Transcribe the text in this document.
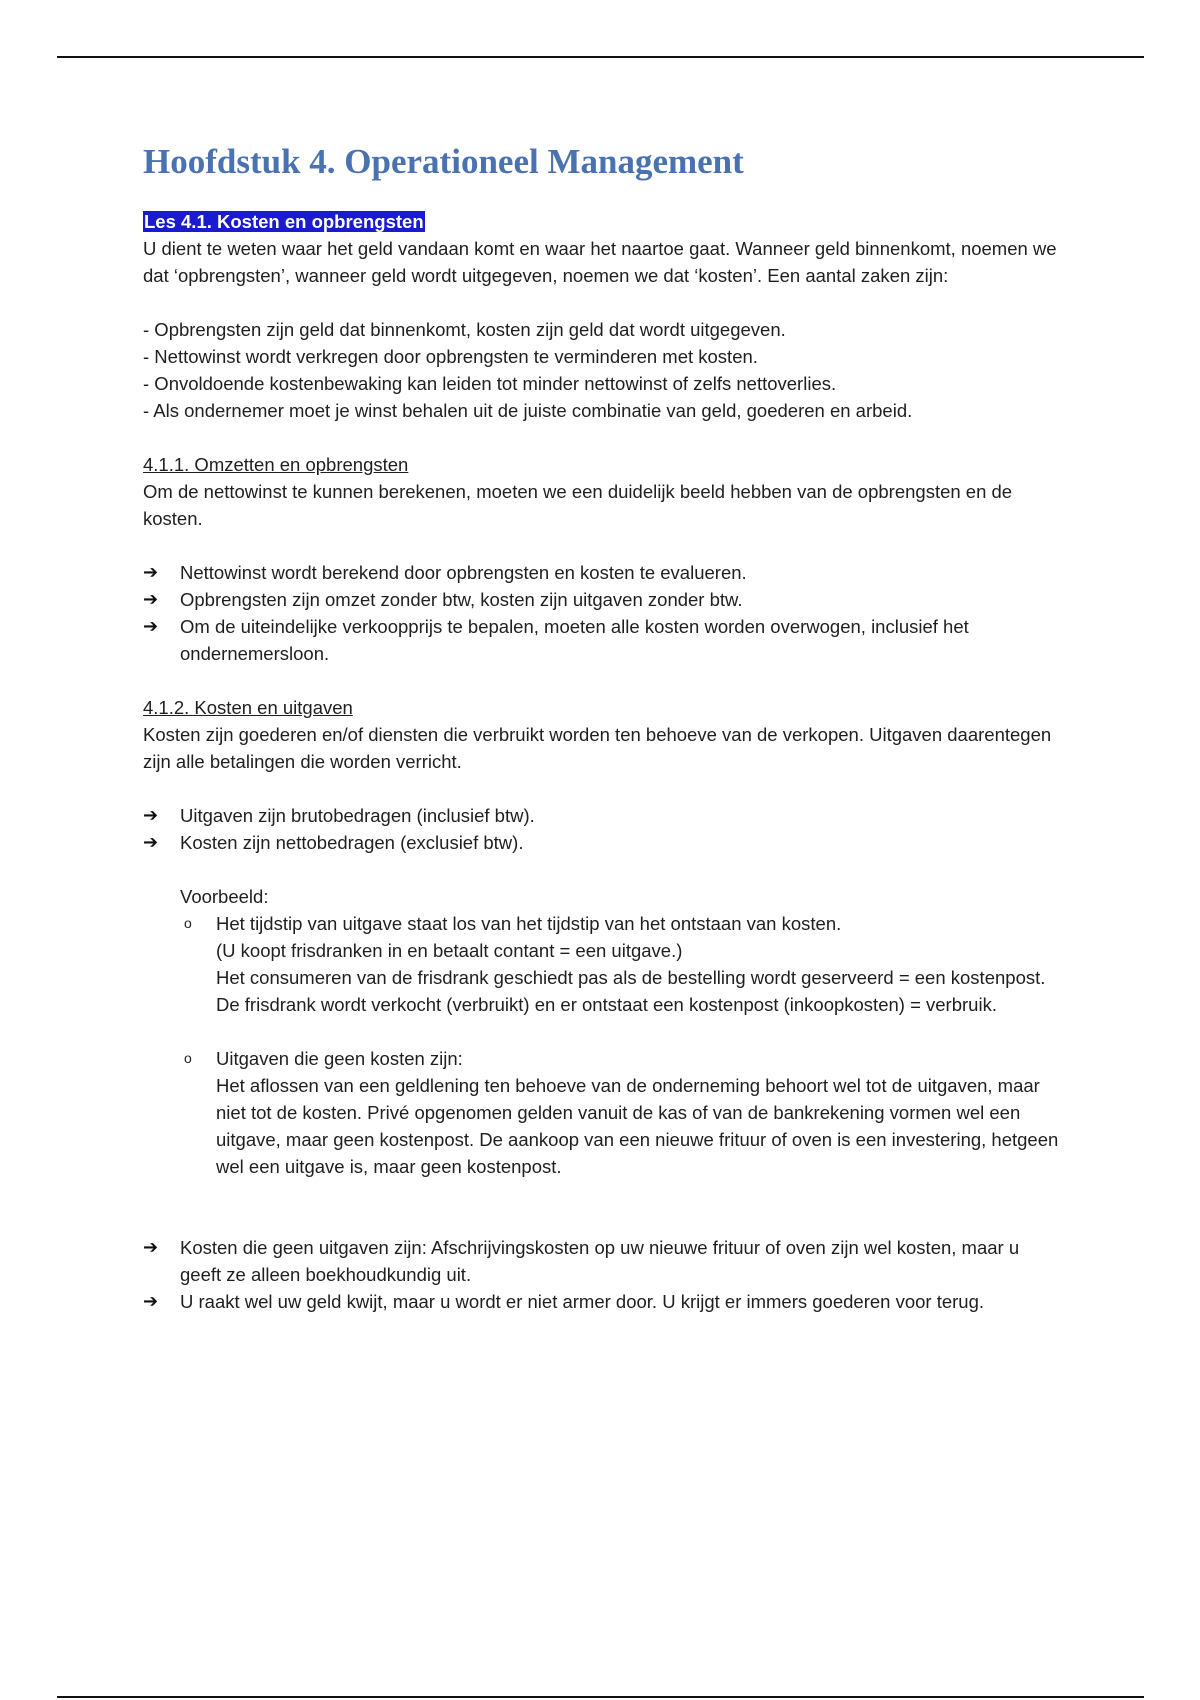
Hoofdstuk 4. Operationeel Management

Les 4.1. Kosten en opbrengsten

U dient te weten waar het geld vandaan komt en waar het naartoe gaat. Wanneer geld binnenkomt, noemen we dat ‘opbrengsten’, wanneer geld wordt uitgegeven, noemen we dat ‘kosten’. Een aantal zaken zijn:

- Opbrengsten zijn geld dat binnenkomt, kosten zijn geld dat wordt uitgegeven.
- Nettowinst wordt verkregen door opbrengsten te verminderen met kosten.
- Onvoldoende kostenbewaking kan leiden tot minder nettowinst of zelfs nettoverlies.
- Als ondernemer moet je winst behalen uit de juiste combinatie van geld, goederen en arbeid.

4.1.1. Omzetten en opbrengsten

Om de nettowinst te kunnen berekenen, moeten we een duidelijk beeld hebben van de opbrengsten en de kosten.

➔ Nettowinst wordt berekend door opbrengsten en kosten te evalueren.
➔ Opbrengsten zijn omzet zonder btw, kosten zijn uitgaven zonder btw.
➔ Om de uiteindelijke verkoopprijs te bepalen, moeten alle kosten worden overwogen, inclusief het ondernemersloon.

4.1.2. Kosten en uitgaven

Kosten zijn goederen en/of diensten die verbruikt worden ten behoeve van de verkopen. Uitgaven daarentegen zijn alle betalingen die worden verricht.

➔ Uitgaven zijn brutobedragen (inclusief btw).
➔ Kosten zijn nettobedragen (exclusief btw).

Voorbeeld:

o Het tijdstip van uitgave staat los van het tijdstip van het ontstaan van kosten.
(U koopt frisdranken in en betaalt contant = een uitgave.)
Het consumeren van de frisdrank geschiedt pas als de bestelling wordt geserveerd = een kostenpost. De frisdrank wordt verkocht (verbruikt) en er ontstaat een kostenpost (inkoopkosten) = verbruik.
o Uitgaven die geen kosten zijn:
Het aflossen van een geldlening ten behoeve van de onderneming behoort wel tot de uitgaven, maar niet tot de kosten. Privé opgenomen gelden vanuit de kas of van de bankrekening vormen wel een uitgave, maar geen kostenpost. De aankoop van een nieuwe frituur of oven is een investering, hetgeen wel een uitgave is, maar geen kostenpost.
➔ Kosten die geen uitgaven zijn: Afschrijvingskosten op uw nieuwe frituur of oven zijn wel kosten, maar u geeft ze alleen boekhoudkundig uit.
➔ U raakt wel uw geld kwijt, maar u wordt er niet armer door. U krijgt er immers goederen voor terug.
